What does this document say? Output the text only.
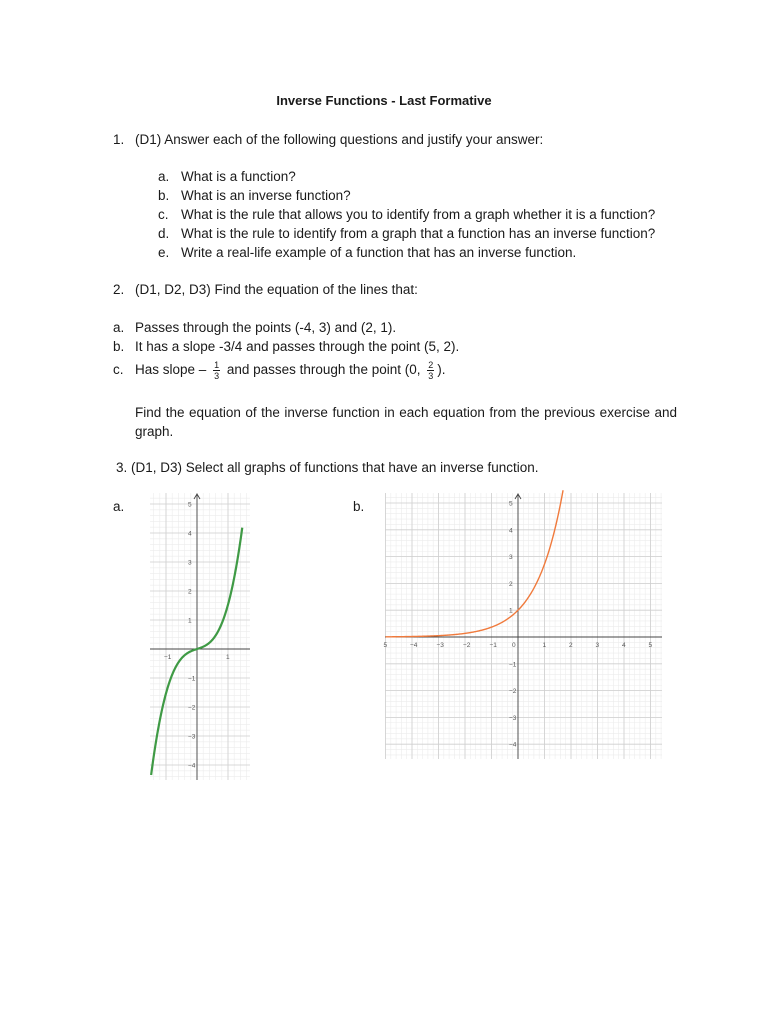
Inverse Functions - Last Formative
1. (D1) Answer each of the following questions and justify your answer:
a. What is a function?
b. What is an inverse function?
c. What is the rule that allows you to identify from a graph whether it is a function?
d. What is the rule to identify from a graph that a function has an inverse function?
e. Write a real-life example of a function that has an inverse function.
2. (D1, D2, D3) Find the equation of the lines that:
a. Passes through the points (-4, 3) and (2, 1).
b. It has a slope -3/4 and passes through the point (5, 2).
c. Has slope – $\frac{1}{3}$ and passes through the point (0, $\frac{2}{3}$ ).
Find the equation of the inverse function in each equation from the previous exercise and graph.
3. (D1, D3) Select all graphs of functions that have an inverse function.
a.	b.
−1	1
5
4
3
2
1
−1
−2
−3
−4
5	−4	−3	−2	−1 0	1	2	3	4	5
5
4
3
2
1
−1
−2
−3
−4
